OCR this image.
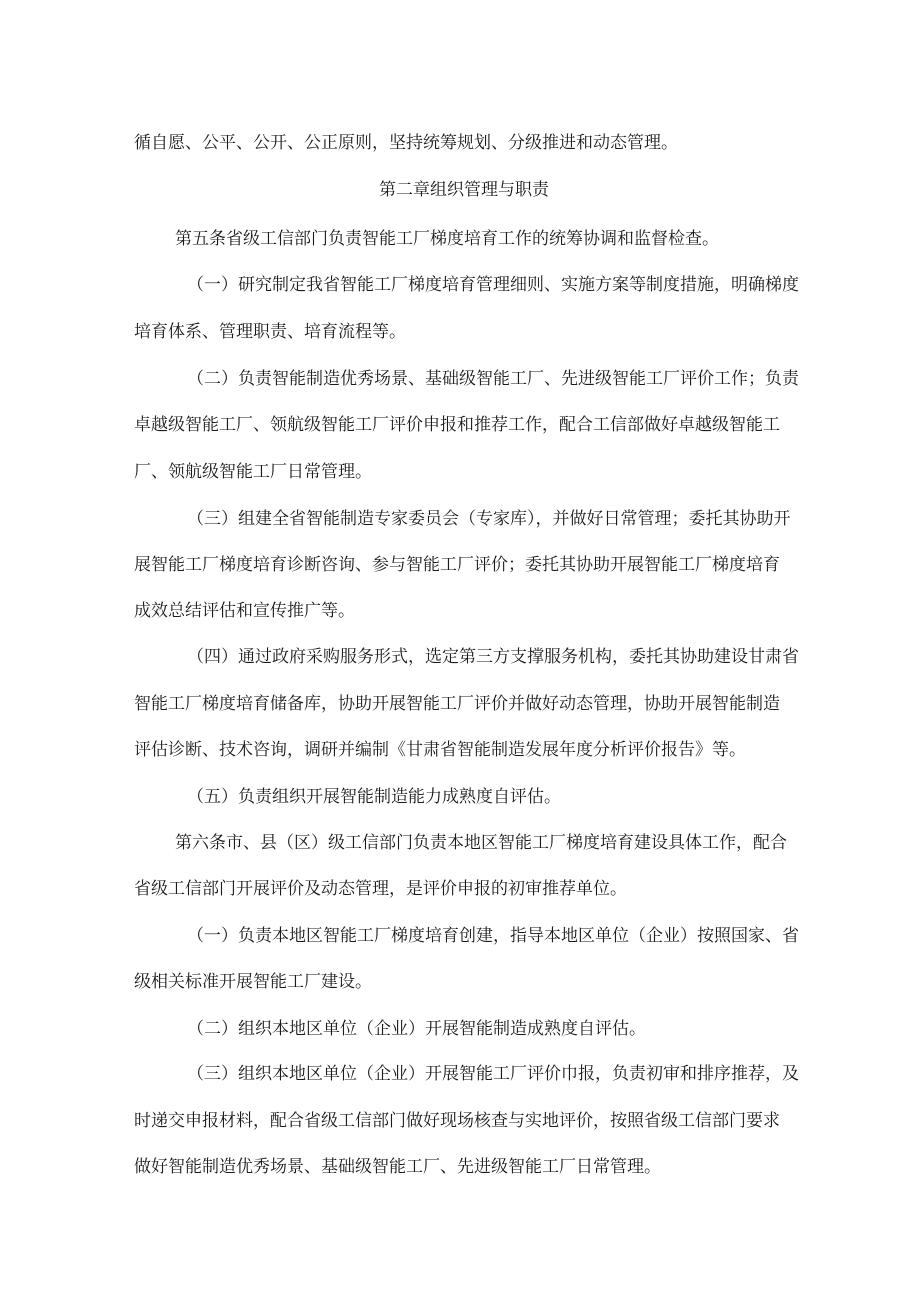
循自愿、公平、公开、公正原则，坚持统筹规划、分级推进和动态管理。
第二章组织管理与职责
第五条省级工信部门负责智能工厂梯度培育工作的统筹协调和监督检查。
（一）研究制定我省智能工厂梯度培育管理细则、实施方案等制度措施，明确梯度
培育体系、管理职责、培育流程等。
（二）负责智能制造优秀场景、基础级智能工厂、先进级智能工厂评价工作；负责
卓越级智能工厂、领航级智能工厂评价申报和推荐工作，配合工信部做好卓越级智能工
厂、领航级智能工厂日常管理。
（三）组建全省智能制造专家委员会（专家库），并做好日常管理；委托其协助开
展智能工厂梯度培育诊断咨询、参与智能工厂评价；委托其协助开展智能工厂梯度培育
成效总结评估和宣传推广等。
（四）通过政府采购服务形式，选定第三方支撑服务机构，委托其协助建设甘肃省
智能工厂梯度培育储备库，协助开展智能工厂评价并做好动态管理，协助开展智能制造
评估诊断、技术咨询，调研并编制《甘肃省智能制造发展年度分析评价报告》等。
（五）负责组织开展智能制造能力成熟度自评估。
第六条市、县（区）级工信部门负责本地区智能工厂梯度培育建设具体工作，配合
省级工信部门开展评价及动态管理，是评价申报的初审推荐单位。
（一）负责本地区智能工厂梯度培育创建，指导本地区单位（企业）按照国家、省
级相关标准开展智能工厂建设。
（二）组织本地区单位（企业）开展智能制造成熟度自评估。
（三）组织本地区单位（企业）开展智能工厂评价巾报，负责初审和排序推荐，及
时递交申报材料，配合省级工信部门做好现场核查与实地评价，按照省级工信部门要求
做好智能制造优秀场景、基础级智能工厂、先进级智能工厂日常管理。
